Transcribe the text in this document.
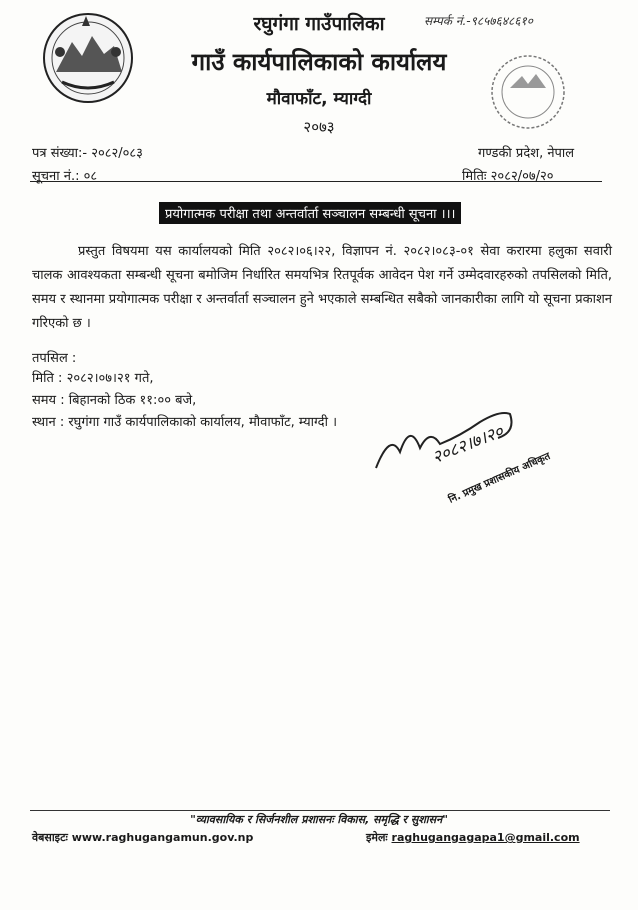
रघुगंगा गाउँपालिका
गाउँ कार्यपालिकाको कार्यालय
मौवाफाँट, म्याग्दी
२०७३
सम्पर्क नं.-९८५७६४८६१०
पत्र संख्या:- २०८२/०८३
सूचना नं.: ०८
गण्डकी प्रदेश, नेपाल
मितिः २०८२/०७/२०
प्रयोगात्मक परीक्षा तथा अन्तर्वार्ता सञ्चालन सम्बन्धी सूचना ।।।
प्रस्तुत विषयमा यस कार्यालयको मिति २०८२।०६।२२, विज्ञापन नं. २०८२।०८३-०१ सेवा करारमा हलुका सवारी चालक आवश्यकता सम्बन्धी सूचना बमोजिम निर्धारित समयभित्र रितपूर्वक आवेदन पेश गर्ने उम्मेदवारहरुको तपसिलको मिति, समय र स्थानमा प्रयोगात्मक परीक्षा र अन्तर्वार्ता सञ्चालन हुने भएकाले सम्बन्धित सबैको जानकारीका लागि यो सूचना प्रकाशन गरिएको छ ।
तपसिल :
मिति : २०८२।०७।२१ गते,
समय : बिहानको ठिक ११:०० बजे,
स्थान : रघुगंगा गाउँ कार्यपालिकाको कार्यालय, मौवाफाँट, म्याग्दी ।	२०८२।७।२०
नि. प्रमुख प्रशासकीय अधिकृत
"व्यावसायिक र सिर्जनशील प्रशासनः विकास, समृद्धि र सुशासन"
वेबसाइटः www.raghugangamun.gov.np	इमेलः raghugangagapa1@gmail.com
